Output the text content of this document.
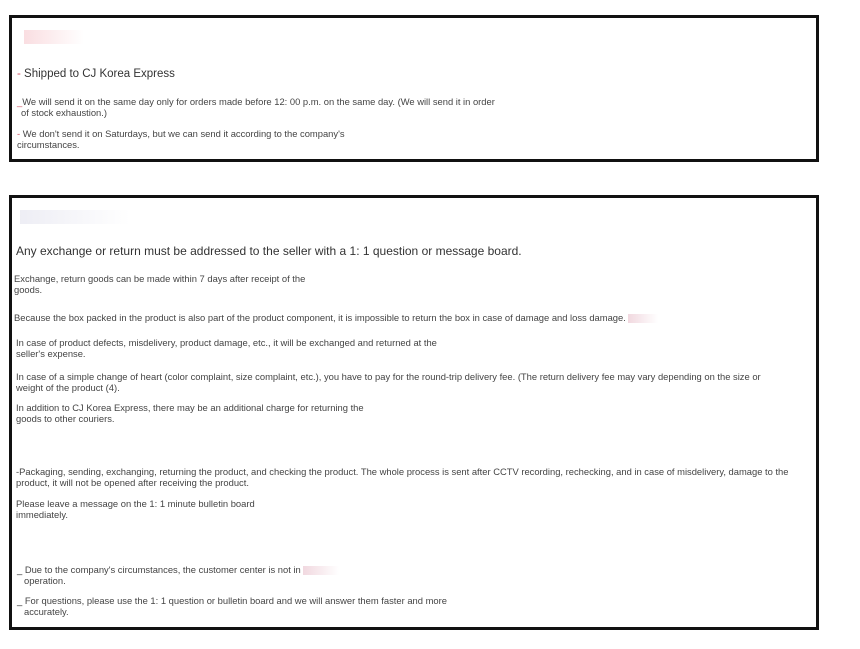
- Shipped to CJ Korea Express
_We will send it on the same day only for orders made before 12: 00 p.m. on the same day. (We will send it in order
of stock exhaustion.)
- We don't send it on Saturdays, but we can send it according to the company's
circumstances.
Any exchange or return must be addressed to the seller with a 1: 1 question or message board.
Exchange, return goods can be made within 7 days after receipt of the
goods.
Because the box packed in the product is also part of the product component, it is impossible to return the box in case of damage and loss damage.
In case of product defects, misdelivery, product damage, etc., it will be exchanged and returned at the
seller's expense.
In case of a simple change of heart (color complaint, size complaint, etc.), you have to pay for the round-trip delivery fee. (The return delivery fee may vary depending on the size or
weight of the product (4).
In addition to CJ Korea Express, there may be an additional charge for returning the
goods to other couriers.
-Packaging, sending, exchanging, returning the product, and checking the product. The whole process is sent after CCTV recording, rechecking, and in case of misdelivery, damage to the
product, it will not be opened after receiving the product.
Please leave a message on the 1: 1 minute bulletin board
immediately.
_ Due to the company's circumstances, the customer center is not in
operation.
_ For questions, please use the 1: 1 question or bulletin board and we will answer them faster and more
accurately.
